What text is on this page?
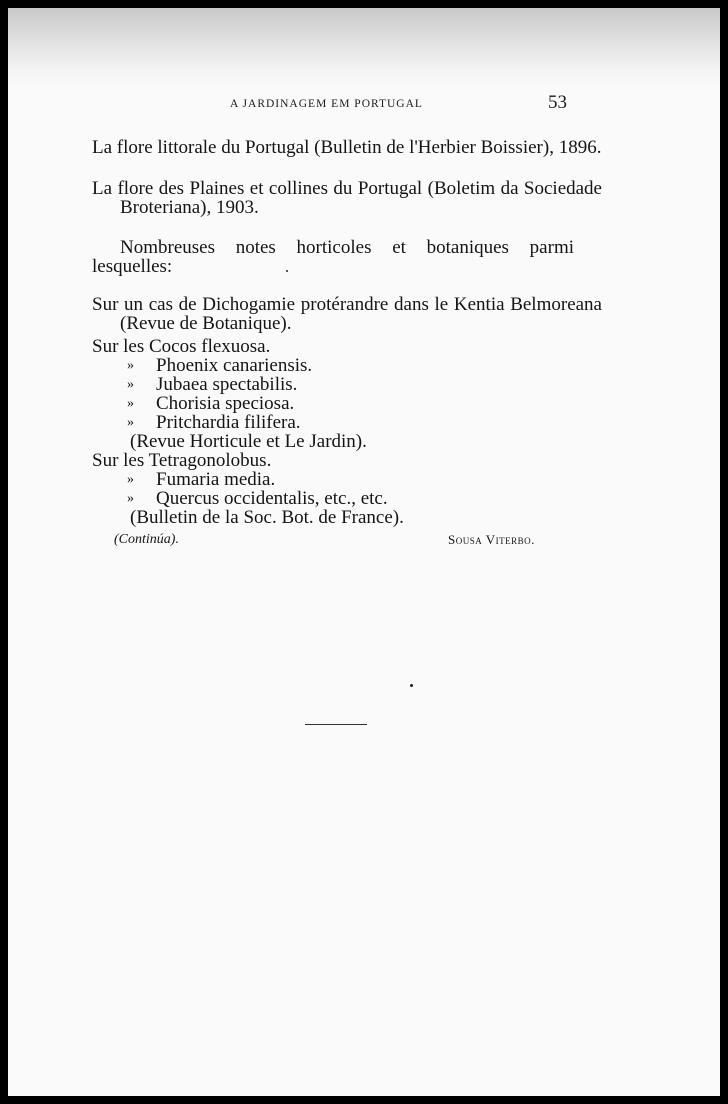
A JARDINAGEM EM PORTUGAL	53
La flore littorale du Portugal (Bulletin de l'Herbier Boissier), 1896.
La flore des Plaines et collines du Portugal (Boletim da Sociedade Broteriana), 1903.
Nombreuses notes horticoles et botaniques parmi lesquelles:
Sur un cas de Dichogamie protérandre dans le Kentia Belmoreana (Revue de Botanique).
Sur les Cocos flexuosa.
» Phoenix canariensis.
» Jubaea spectabilis.
» Chorisia speciosa.
» Pritchardia filifera.
(Revue Horticule et Le Jardin).
Sur les Tetragonolobus.
» Fumaria media.
» Quercus occidentalis, etc., etc.
(Bulletin de la Soc. Bot. de France).
(Continúa).	Sousa Viterbo.
